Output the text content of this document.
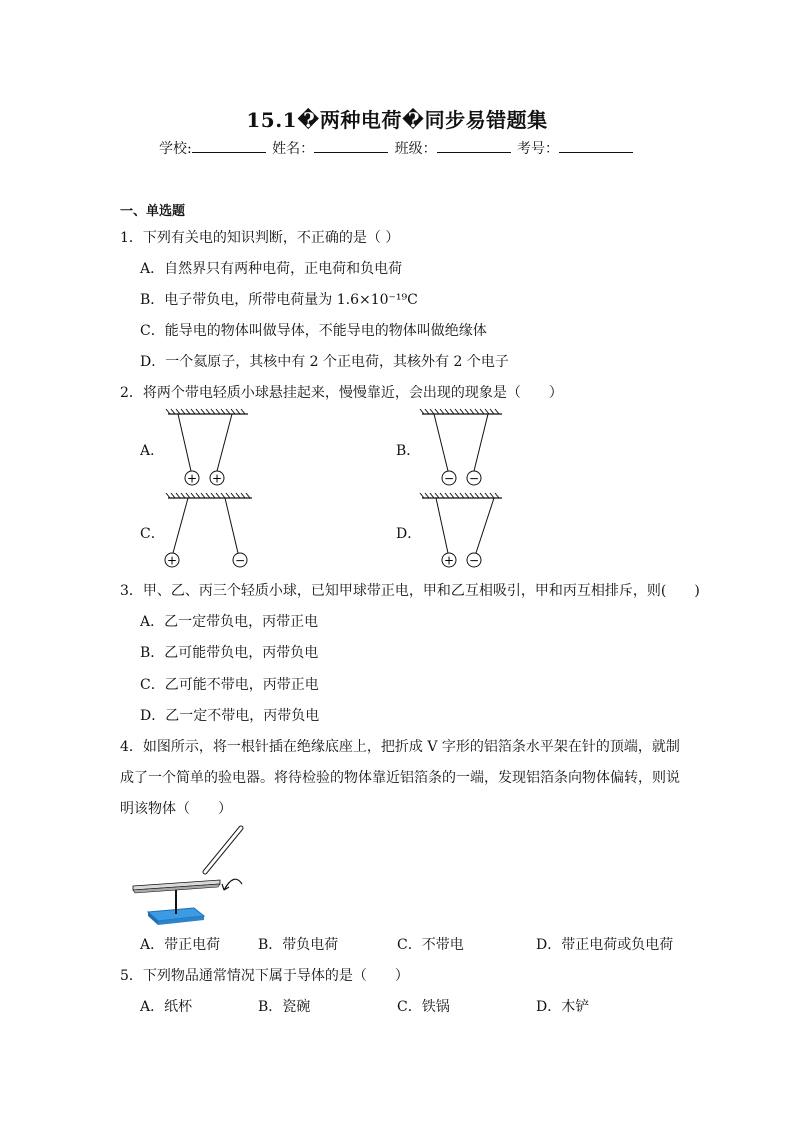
15.1�两种电荷�同步易错题集
学校:	姓名：	班级：	考号：
一、单选题
1．下列有关电的知识判断，不正确的是（ ）
A．自然界只有两种电荷，正电荷和负电荷
B．电子带负电，所带电荷量为 1.6×10⁻¹⁹C
C．能导电的物体叫做导体，不能导电的物体叫做绝缘体
D．一个氦原子，其核中有 2 个正电荷，其核外有 2 个电子
2．将两个带电轻质小球悬挂起来，慢慢靠近，会出现的现象是（　　）
A．	B．
C．	D．
+ +	− −
+	−	+ −
3．甲、乙、丙三个轻质小球，已知甲球带正电，甲和乙互相吸引，甲和丙互相排斥，则(　　)
A．乙一定带负电，丙带正电
B．乙可能带负电，丙带负电
C．乙可能不带电，丙带正电
D．乙一定不带电，丙带负电
4．如图所示，将一根针插在绝缘底座上，把折成 V 字形的铝箔条水平架在针的顶端，就制
成了一个简单的验电器。将待检验的物体靠近铝箔条的一端，发现铝箔条向物体偏转，则说
明该物体（　　）
A．带正电荷	B．带负电荷	C．不带电	D．带正电荷或负电荷
5．下列物品通常情况下属于导体的是（　　）
A．纸杯	B．瓷碗	C．铁锅	D．木铲
